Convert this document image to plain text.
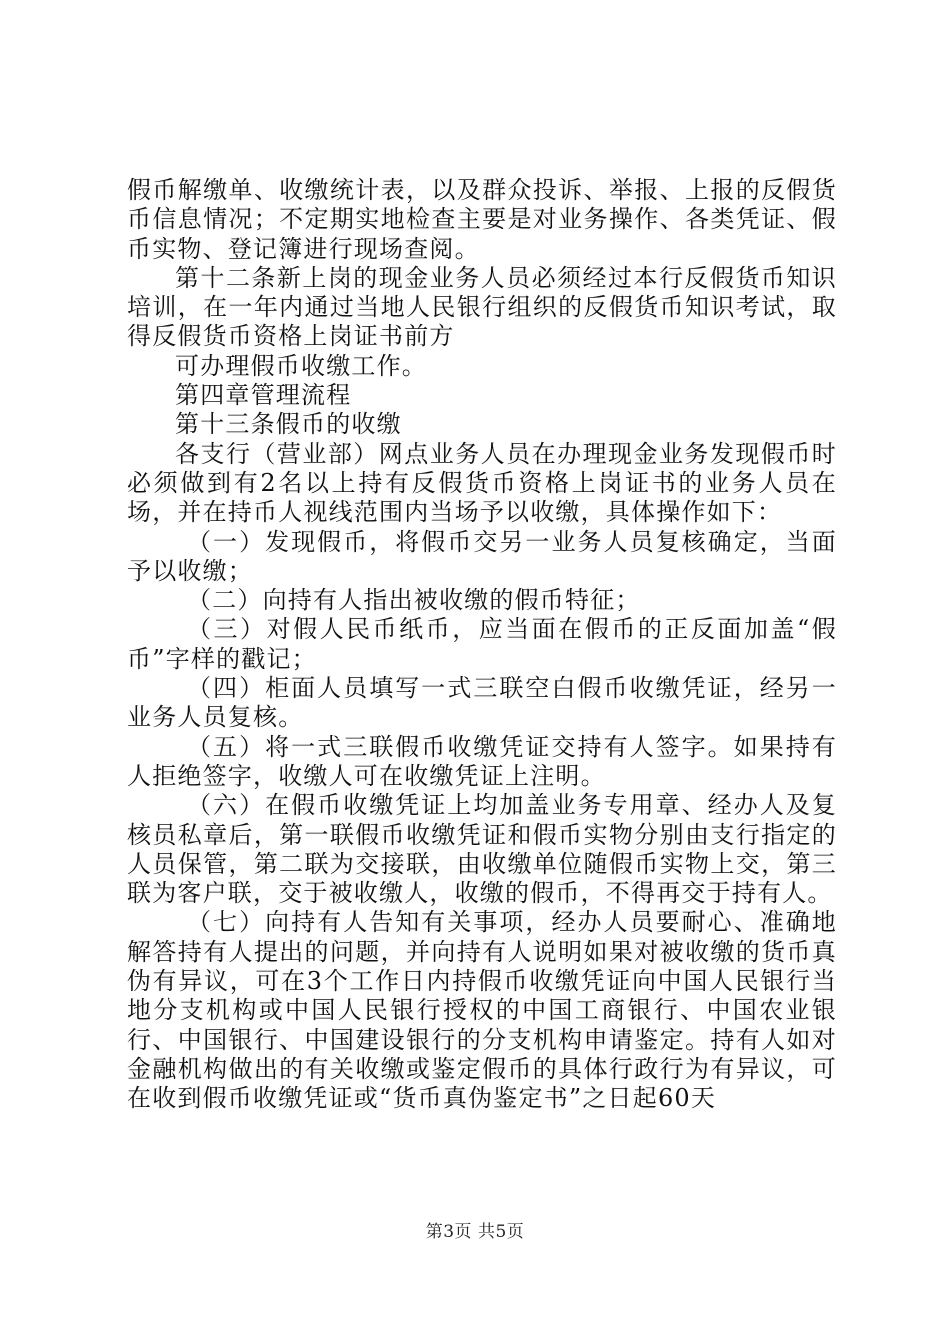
假币解缴单、收缴统计表，以及群众投诉、举报、上报的反假货币信息情况；不定期实地检查主要是对业务操作、各类凭证、假币实物、登记簿进行现场查阅。

第十二条新上岗的现金业务人员必须经过本行反假货币知识培训，在一年内通过当地人民银行组织的反假货币知识考试，取得反假货币资格上岗证书前方

可办理假币收缴工作。

第四章管理流程

第十三条假币的收缴

各支行（营业部）网点业务人员在办理现金业务发现假币时必须做到有2名以上持有反假货币资格上岗证书的业务人员在场，并在持币人视线范围内当场予以收缴，具体操作如下：

（一）发现假币，将假币交另一业务人员复核确定，当面予以收缴；

（二）向持有人指出被收缴的假币特征；

（三）对假人民币纸币，应当面在假币的正反面加盖“假币”字样的戳记；

（四）柜面人员填写一式三联空白假币收缴凭证，经另一业务人员复核。

（五）将一式三联假币收缴凭证交持有人签字。如果持有人拒绝签字，收缴人可在收缴凭证上注明。

（六）在假币收缴凭证上均加盖业务专用章、经办人及复核员私章后，第一联假币收缴凭证和假币实物分别由支行指定的人员保管，第二联为交接联，由收缴单位随假币实物上交，第三联为客户联，交于被收缴人，收缴的假币，不得再交于持有人。

（七）向持有人告知有关事项，经办人员要耐心、准确地解答持有人提出的问题，并向持有人说明如果对被收缴的货币真伪有异议，可在3个工作日内持假币收缴凭证向中国人民银行当地分支机构或中国人民银行授权的中国工商银行、中国农业银行、中国银行、中国建设银行的分支机构申请鉴定。持有人如对金融机构做出的有关收缴或鉴定假币的具体行政行为有异议，可在收到假币收缴凭证或“货币真伪鉴定书”之日起60天

第3页 共5页
